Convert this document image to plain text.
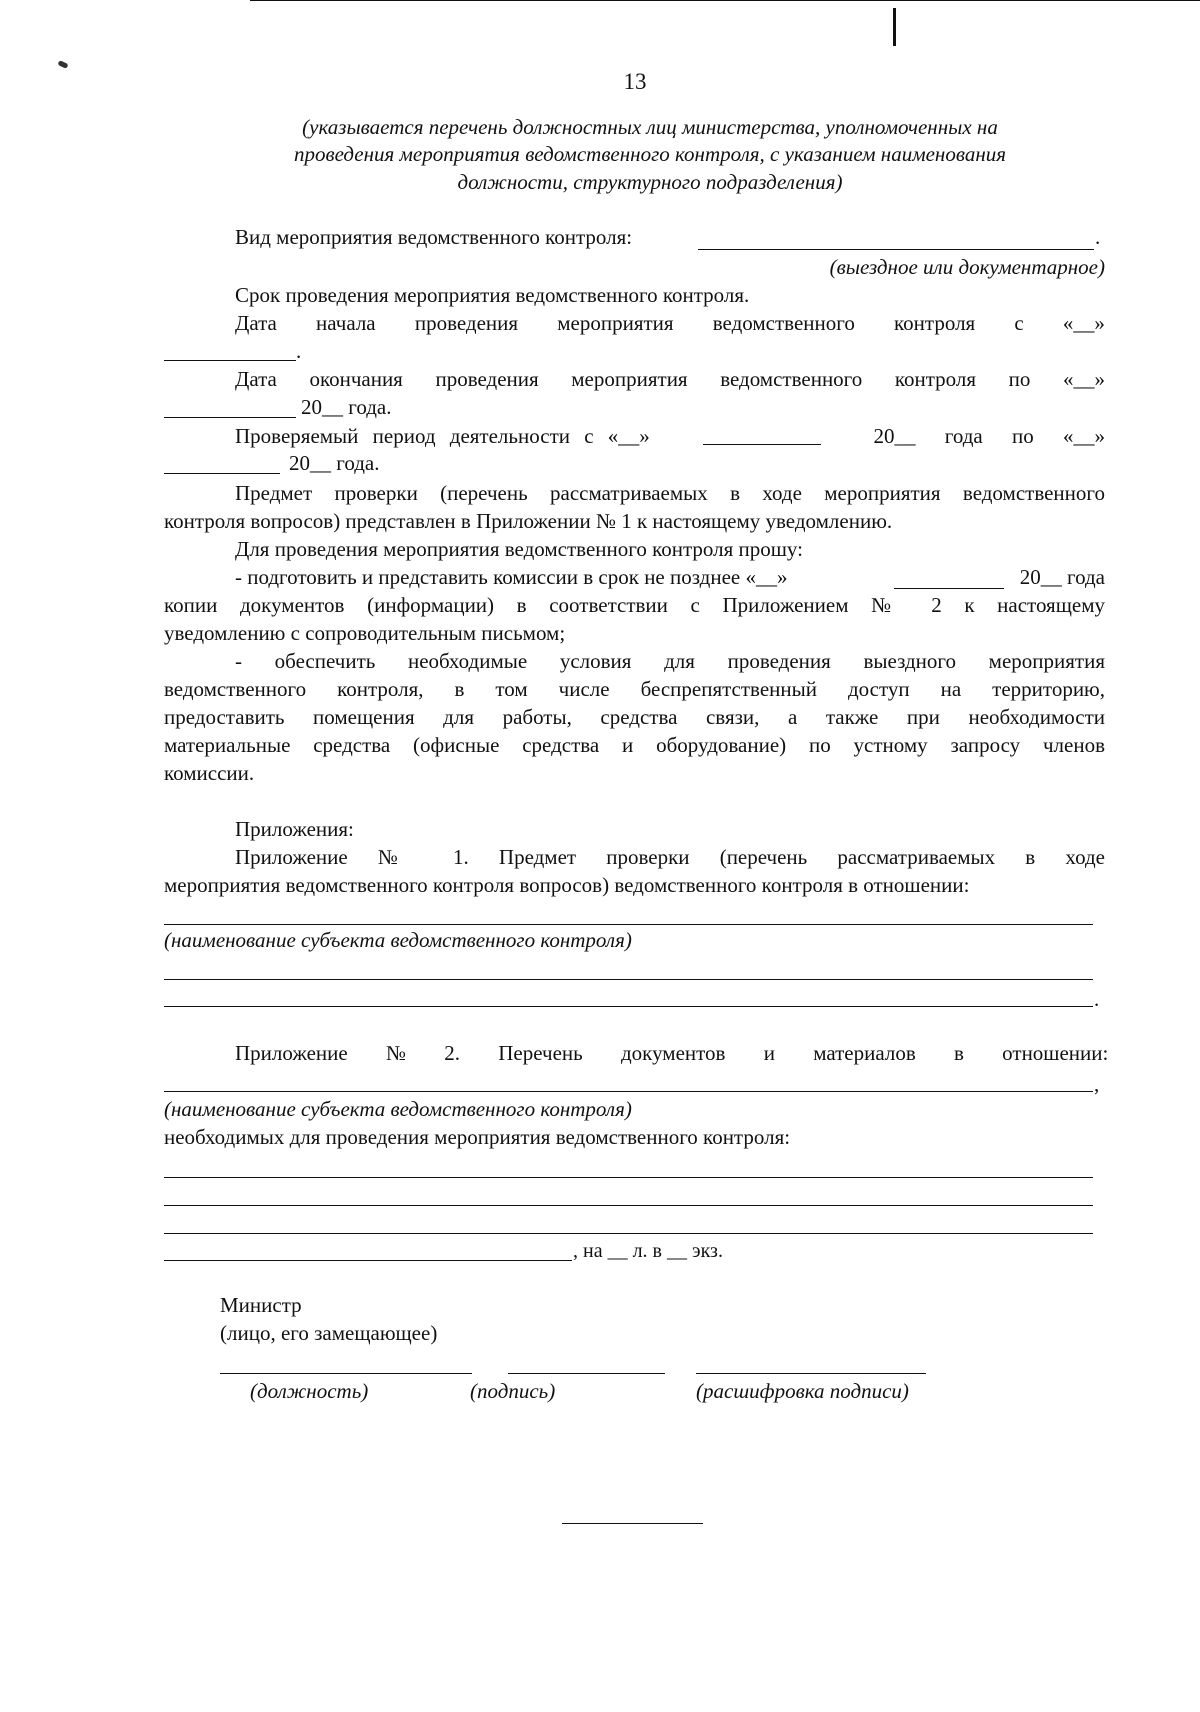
13
(указывается перечень должностных лиц министерства, уполномоченных на
проведения мероприятия ведомственного контроля, с указанием наименования
должности, структурного подразделения)
Вид мероприятия ведомственного контроля:	.
(выездное или документарное)
Срок проведения мероприятия ведомственного контроля.
Дата начала проведения мероприятия ведомственного контроля с «__»
.
Дата окончания проведения мероприятия ведомственного контроля по «__»
20__ года.
Проверяемый период деятельности с «__»	20__ года по «__»
20__ года.
Предмет проверки (перечень рассматриваемых в ходе мероприятия ведомственного
контроля вопросов) представлен в Приложении № 1 к настоящему уведомлению.
Для проведения мероприятия ведомственного контроля прошу:
- подготовить и представить комиссии в срок не позднее «__»	20__ года
копии документов (информации) в соответствии с Приложением № 2 к настоящему
уведомлению с сопроводительным письмом;
- обеспечить необходимые условия для проведения выездного мероприятия
ведомственного контроля, в том числе беспрепятственный доступ на территорию,
предоставить помещения для работы, средства связи, а также при необходимости
материальные средства (офисные средства и оборудование) по устному запросу членов
комиссии.
Приложения:
Приложение № 1. Предмет проверки (перечень рассматриваемых в ходе
мероприятия ведомственного контроля вопросов) ведомственного контроля в отношении:
(наименование субъекта ведомственного контроля)
.
Приложение № 2. Перечень документов и материалов в отношении:
,
(наименование субъекта ведомственного контроля)
необходимых для проведения мероприятия ведомственного контроля:
, на __ л. в __ экз.
Министр
(лицо, его замещающее)
(должность)	(подпись)	(расшифровка подписи)
